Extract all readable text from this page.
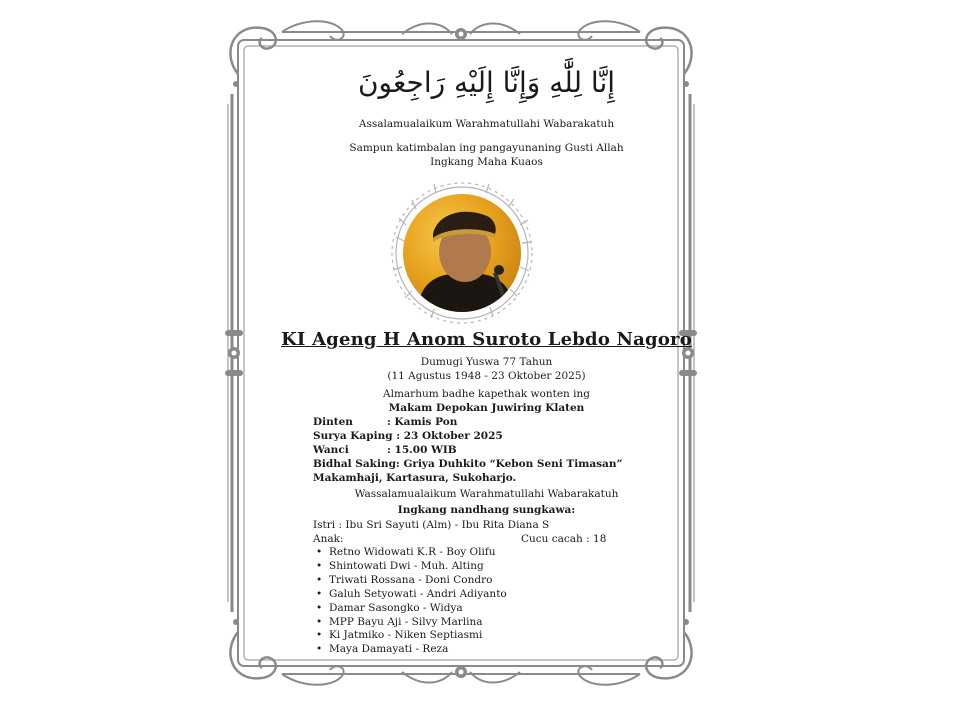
إِنَّا لِلَّٰهِ وَإِنَّا إِلَيْهِ رَاجِعُونَ
Assalamualaikum Warahmatullahi Wabarakatuh
Sampun katimbalan ing pangayunaning Gusti Allah
Ingkang Maha Kuaos
KI Ageng H Anom Suroto Lebdo Nagoro
Dumugi Yuswa 77 Tahun
(11 Agustus 1948 - 23 Oktober 2025)
Almarhum badhe kapethak wonten ing
Makam Depokan Juwiring Klaten
Dinten	: Kamis Pon
Surya Kaping : 23 Oktober 2025
Wanci	: 15.00 WIB
Bidhal Saking: Griya Duhkito “Kebon Seni Timasan”
Makamhaji, Kartasura, Sukoharjo.
Wassalamualaikum Warahmatullahi Wabarakatuh
Ingkang nandhang sungkawa:
Istri : Ibu Sri Sayuti (Alm) - Ibu Rita Diana S
Anak:	Cucu cacah : 18
• Retno Widowati K.R - Boy Olifu
• Shintowati Dwi - Muh. Alting
• Triwati Rossana - Doni Condro
• Galuh Setyowati - Andri Adiyanto
• Damar Sasongko - Widya
• MPP Bayu Aji - Silvy Marlina
• Ki Jatmiko - Niken Septiasmi
• Maya Damayati - Reza
